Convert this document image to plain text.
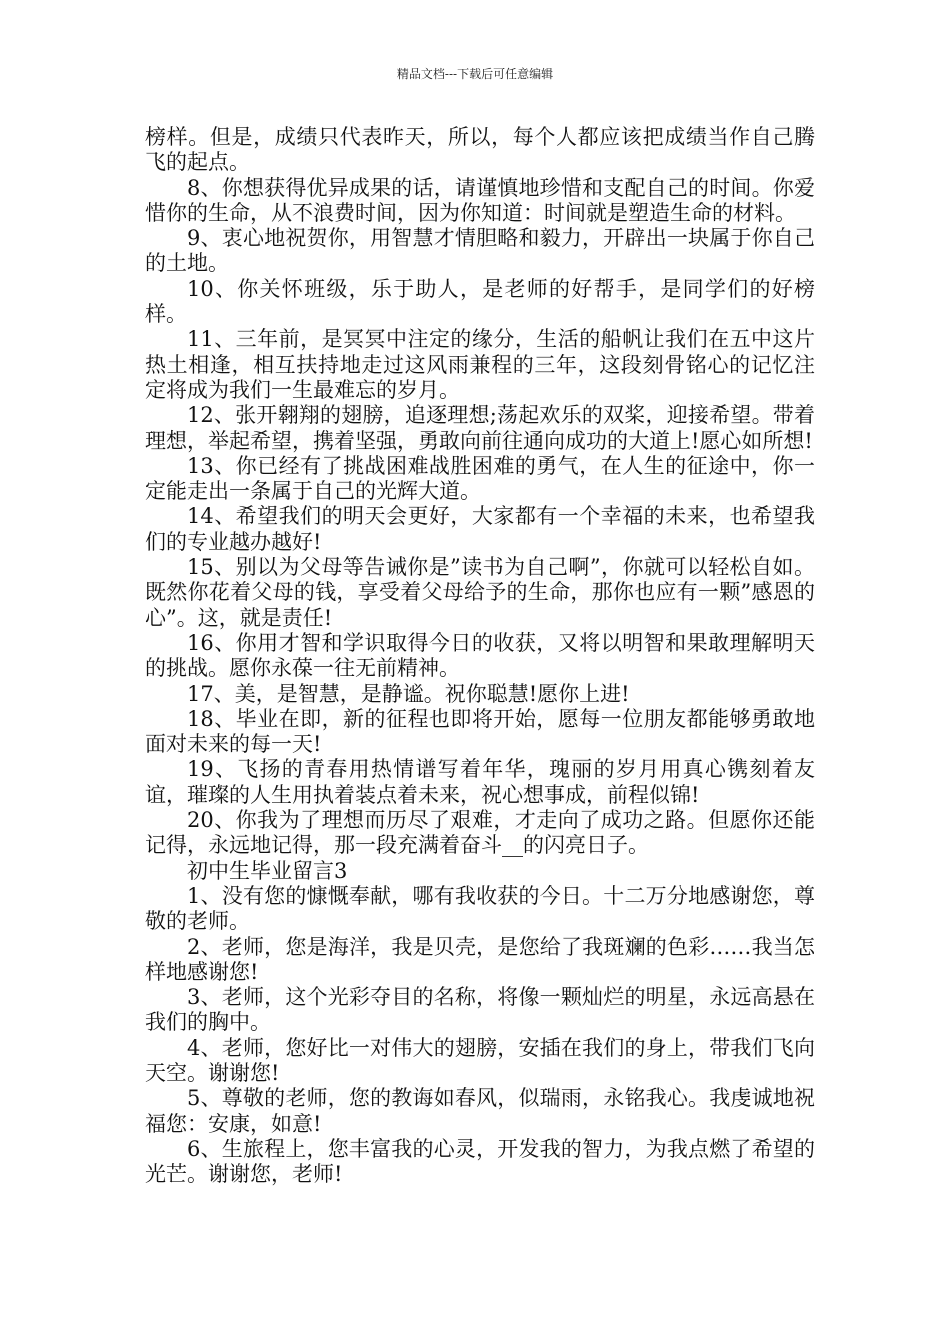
精品文档---下载后可任意编辑

榜样。但是，成绩只代表昨天，所以，每个人都应该把成绩当作自己腾飞的起点。

8、你想获得优异成果的话，请谨慎地珍惜和支配自己的时间。你爱惜你的生命，从不浪费时间，因为你知道：时间就是塑造生命的材料。

9、衷心地祝贺你，用智慧才情胆略和毅力，开辟出一块属于你自己的土地。

10、你关怀班级，乐于助人，是老师的好帮手，是同学们的好榜样。

11、三年前，是冥冥中注定的缘分，生活的船帆让我们在五中这片热土相逢，相互扶持地走过这风雨兼程的三年，这段刻骨铭心的记忆注定将成为我们一生最难忘的岁月。

12、张开翱翔的翅膀，追逐理想;荡起欢乐的双桨，迎接希望。带着理想，举起希望，携着坚强，勇敢向前往通向成功的大道上!愿心如所想!

13、你已经有了挑战困难战胜困难的勇气，在人生的征途中，你一定能走出一条属于自己的光辉大道。

14、希望我们的明天会更好，大家都有一个幸福的未来，也希望我们的专业越办越好!

15、别以为父母等告诫你是”读书为自己啊”，你就可以轻松自如。既然你花着父母的钱，享受着父母给予的生命，那你也应有一颗”感恩的心”。这，就是责任!

16、你用才智和学识取得今日的收获，又将以明智和果敢理解明天的挑战。愿你永葆一往无前精神。

17、美，是智慧，是静谧。祝你聪慧!愿你上进!

18、毕业在即，新的征程也即将开始，愿每一位朋友都能够勇敢地面对未来的每一天!

19、飞扬的青春用热情谱写着年华，瑰丽的岁月用真心镌刻着友谊，璀璨的人生用执着装点着未来，祝心想事成，前程似锦!

20、你我为了理想而历尽了艰难，才走向了成功之路。但愿你还能记得，永远地记得，那一段充满着奋斗__的闪亮日子。

初中生毕业留言3

1、没有您的慷慨奉献，哪有我收获的今日。十二万分地感谢您，尊敬的老师。

2、老师，您是海洋，我是贝壳，是您给了我斑斓的色彩……我当怎样地感谢您!

3、老师，这个光彩夺目的名称，将像一颗灿烂的明星，永远高悬在我们的胸中。

4、老师，您好比一对伟大的翅膀，安插在我们的身上，带我们飞向天空。谢谢您!

5、尊敬的老师，您的教诲如春风，似瑞雨，永铭我心。我虔诚地祝福您：安康，如意!

6、生旅程上，您丰富我的心灵，开发我的智力，为我点燃了希望的光芒。谢谢您，老师!
